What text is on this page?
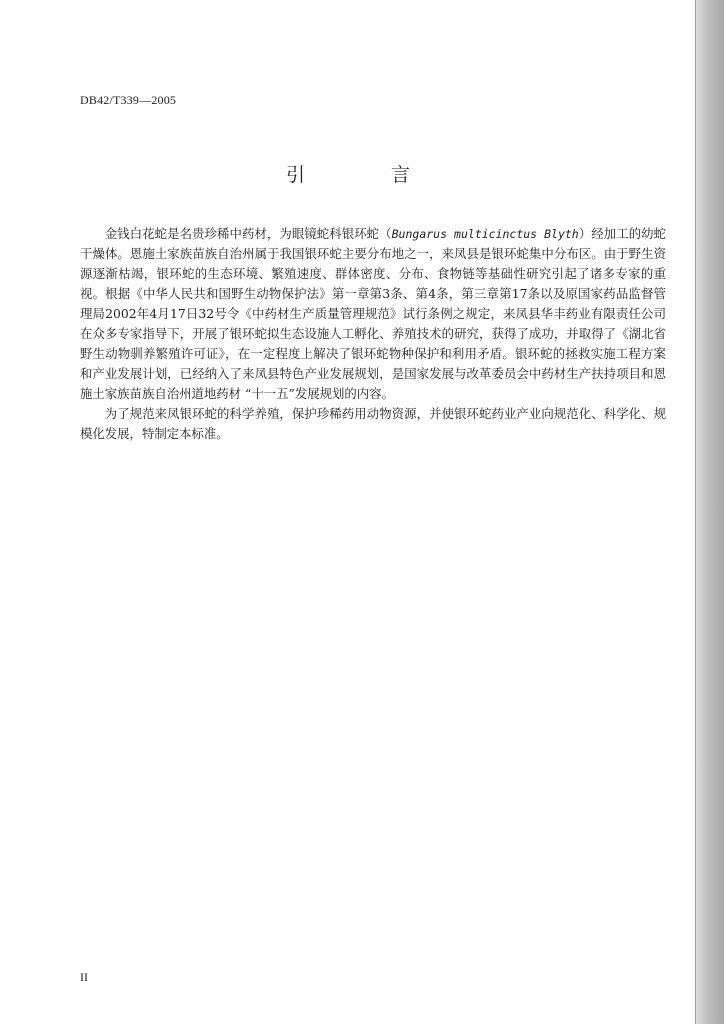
DB42/T339—2005
引 言

金钱白花蛇是名贵珍稀中药材，为眼镜蛇科银环蛇（Bungarus multicinctus Blyth）经加工的幼蛇干燥体。恩施土家族苗族自治州属于我国银环蛇主要分布地之一，来凤县是银环蛇集中分布区。由于野生资源逐渐枯竭，银环蛇的生态环境、繁殖速度、群体密度、分布、食物链等基础性研究引起了诸多专家的重视。根据《中华人民共和国野生动物保护法》第一章第3条、第4条，第三章第17条以及原国家药品监督管理局2002年4月17日32号令《中药材生产质量管理规范》试行条例之规定，来凤县华丰药业有限责任公司在众多专家指导下，开展了银环蛇拟生态设施人工孵化、养殖技术的研究，获得了成功，并取得了《湖北省野生动物驯养繁殖许可证》，在一定程度上解决了银环蛇物种保护和利用矛盾。银环蛇的拯救实施工程方案和产业发展计划，已经纳入了来凤县特色产业发展规划，是国家发展与改革委员会中药材生产扶持项目和恩施土家族苗族自治州道地药材 “十一五”发展规划的内容。

为了规范来凤银环蛇的科学养殖，保护珍稀药用动物资源，并使银环蛇药业产业向规范化、科学化、规模化发展，特制定本标准。

II
